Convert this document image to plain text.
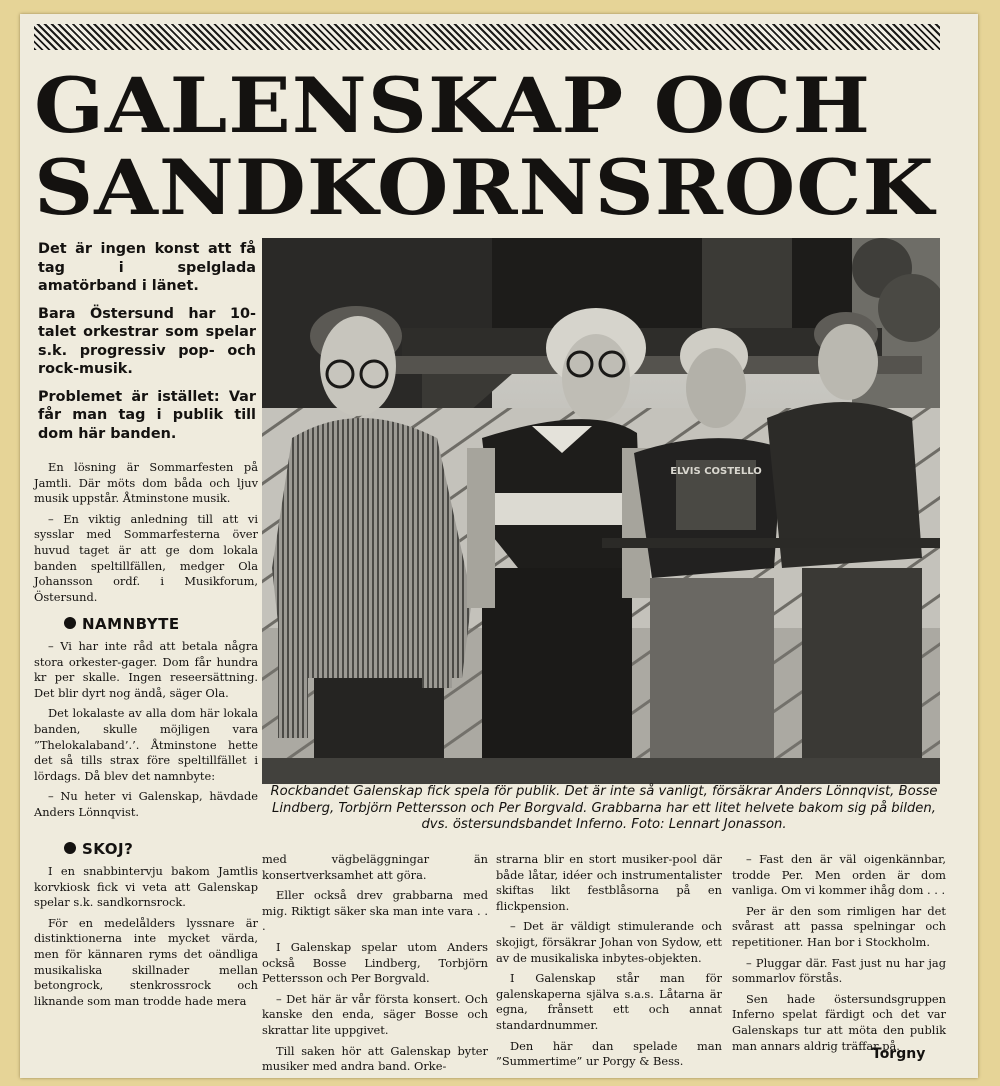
GALENSKAP OCH
SANDKORNSROCK

Det är ingen konst att få tag i spelglada amatörband i länet.

Bara Östersund har 10-talet orkestrar som spelar s.k. progressiv pop- och rock-musik.

Problemet är istället: Var får man tag i publik till dom här banden.

En lösning är Sommarfesten på Jamtli. Där möts dom båda och ljuv musik uppstår. Åtminstone musik.

– En viktig anledning till att vi sysslar med Sommarfesterna över huvud taget är att ge dom lokala banden speltillfällen, medger Ola Johansson ordf. i Musikforum, Östersund.

NAMNBYTE

– Vi har inte råd att betala några stora orkester-gager. Dom får hundra kr per skalle. Ingen reseersättning. Det blir dyrt nog ändå, säger Ola.

Det lokalaste av alla dom här lokala banden, skulle möjligen vara ”Thelokalaband’.’. Åtminstone hette det så tills strax före speltillfället i lördags. Då blev det namnbyte:

– Nu heter vi Galenskap, hävdade Anders Lönnqvist.

SKOJ?

I en snabbintervju bakom Jamtlis korvkiosk fick vi veta att Galenskap spelar s.k. sandkornsrock.

För en medelålders lyssnare är distinktionerna inte mycket värda, men för kännaren ryms det oändliga musikaliska skillnader mellan betongrock, stenkrossrock och liknande som man trodde hade mera

ELVIS COSTELLO
Rockbandet Galenskap fick spela för publik. Det är inte så vanligt, försäkrar Anders Lönnqvist, Bosse Lindberg, Torbjörn Pettersson och Per Borgvald. Grabbarna har ett litet helvete bakom sig på bilden, dvs. östersundsbandet Inferno. Foto: Lennart Jonasson.

med vägbeläggningar än konsertverksamhet att göra.

Eller också drev grabbarna med mig. Riktigt säker ska man inte vara . . .

I Galenskap spelar utom Anders också Bosse Lindberg, Torbjörn Pettersson och Per Borgvald.

– Det här är vår första konsert. Och kanske den enda, säger Bosse och skrattar lite uppgivet.

Till saken hör att Galenskap byter musiker med andra band. Orke-

strarna blir en stort musiker-pool där både låtar, idéer och instrumentalister skiftas likt festblåsorna på en flickpension.

– Det är väldigt stimulerande och skojigt, försäkrar Johan von Sydow, ett av de musikaliska inbytes-objekten.

I Galenskap står man för galenskaperna själva s.a.s. Låtarna är egna, frånsett ett och annat standardnummer.

Den här dan spelade man ”Summertime” ur Porgy & Bess.

– Fast den är väl oigenkännbar, trodde Per. Men orden är dom vanliga. Om vi kommer ihåg dom . . .

Per är den som rimligen har det svårast att passa spelningar och repetitioner. Han bor i Stockholm.

– Pluggar där. Fast just nu har jag sommarlov förstås.

Sen hade östersundsgruppen Inferno spelat färdigt och det var Galenskaps tur att möta den publik man annars aldrig träffar på.

Torgny
